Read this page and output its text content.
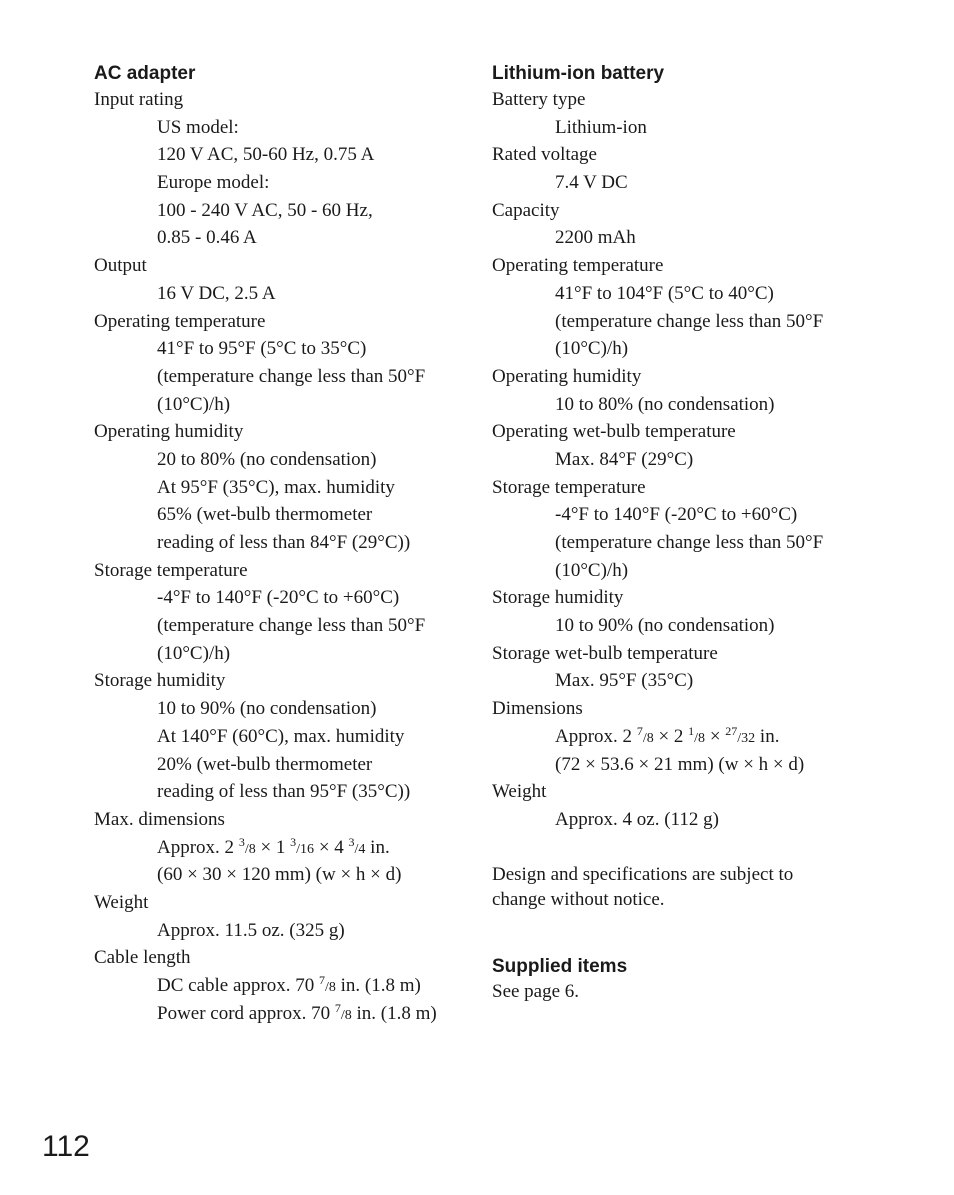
AC adapter
Input rating
US model:
120 V AC, 50-60 Hz, 0.75 A
Europe model:
100 - 240 V AC, 50 - 60 Hz,
0.85 - 0.46 A
Output
16 V DC, 2.5 A
Operating temperature
41°F to 95°F (5°C to 35°C)
(temperature change less than 50°F
(10°C)/h)
Operating humidity
20 to 80% (no condensation)
At 95°F (35°C), max. humidity
65% (wet-bulb thermometer
reading of less than 84°F (29°C))
Storage temperature
-4°F to 140°F (-20°C to +60°C)
(temperature change less than 50°F
(10°C)/h)
Storage humidity
10 to 90% (no condensation)
At 140°F (60°C), max. humidity
20% (wet-bulb thermometer
reading of less than 95°F (35°C))
Max. dimensions
Approx. 2 $^3$/8 × 1 $^3$/16 × 4 $^3$/4 in.
(60 × 30 × 120 mm) (w × h × d)
Weight
Approx. 11.5 oz. (325 g)
Cable length
DC cable approx. 70 $^7$/8 in. (1.8 m)
Power cord approx. 70 $^7$/8 in. (1.8 m)
Lithium-ion battery
Battery type
Lithium-ion
Rated voltage
7.4 V DC
Capacity
2200 mAh
Operating temperature
41°F to 104°F (5°C to 40°C)
(temperature change less than 50°F
(10°C)/h)
Operating humidity
10 to 80% (no condensation)
Operating wet-bulb temperature
Max. 84°F (29°C)
Storage temperature
-4°F to 140°F (-20°C to +60°C)
(temperature change less than 50°F
(10°C)/h)
Storage humidity
10 to 90% (no condensation)
Storage wet-bulb temperature
Max. 95°F (35°C)
Dimensions
Approx. 2 $^7$/8 × 2 $^1$/8 × $^{27}$/32 in.
(72 × 53.6 × 21 mm) (w × h × d)
Weight
Approx. 4 oz. (112 g)
Design and specifications are subject to
change without notice.
Supplied items
See page 6.
112
